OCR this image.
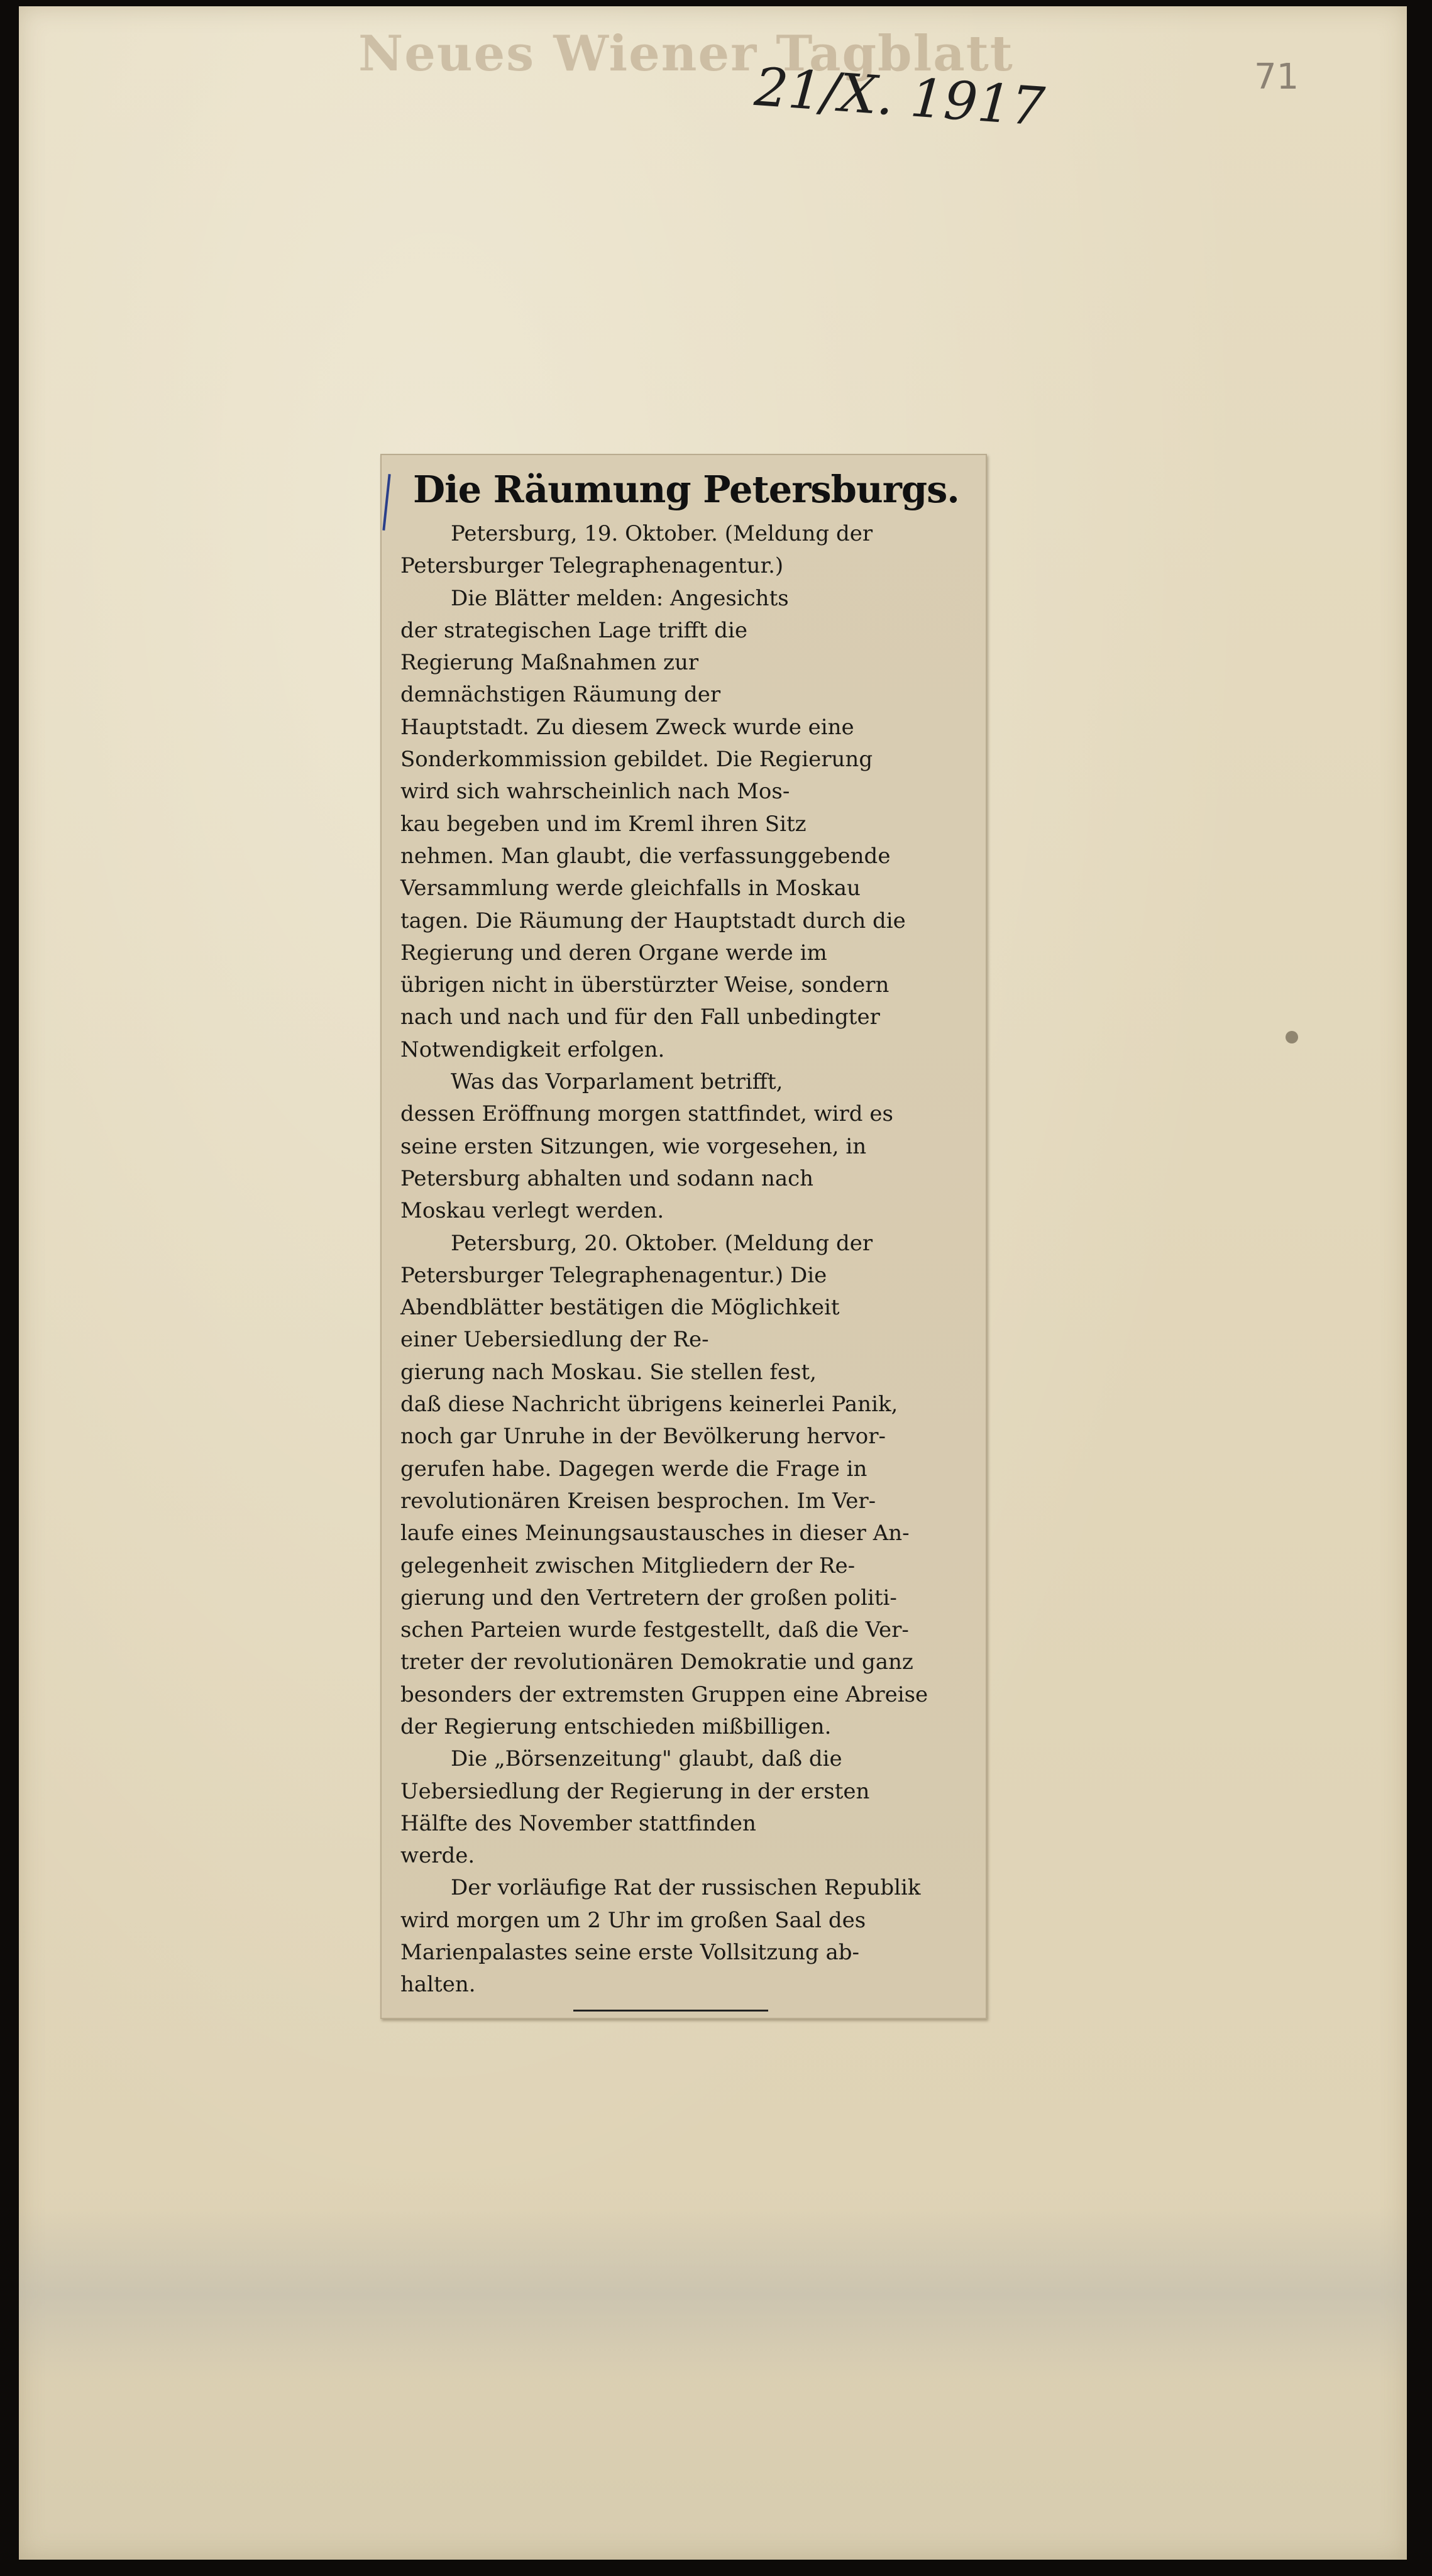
Neues Wiener Tagblatt
21/X. 1917	71
Die Räumung Petersburgs.
Petersburg, 19. Oktober. (Meldung der
Petersburger Telegraphenagentur.)
Die Blätter melden: Angesichts
der strategischen Lage trifft die
Regierung Maßnahmen zur
demnächstigen Räumung der
Hauptstadt. Zu diesem Zweck wurde eine
Sonderkommission gebildet. Die Regierung
wird sich wahrscheinlich nach Mos-
kau begeben und im Kreml ihren Sitz
nehmen. Man glaubt, die verfassunggebende
Versammlung werde gleichfalls in Moskau
tagen. Die Räumung der Hauptstadt durch die
Regierung und deren Organe werde im
übrigen nicht in überstürzter Weise, sondern
nach und nach und für den Fall unbedingter
Notwendigkeit erfolgen.
Was das Vorparlament betrifft,
dessen Eröffnung morgen stattfindet, wird es
seine ersten Sitzungen, wie vorgesehen, in
Petersburg abhalten und sodann nach
Moskau verlegt werden.
Petersburg, 20. Oktober. (Meldung der
Petersburger Telegraphenagentur.) Die
Abendblätter bestätigen die Möglichkeit
einer Uebersiedlung der Re-
gierung nach Moskau. Sie stellen fest,
daß diese Nachricht übrigens keinerlei Panik,
noch gar Unruhe in der Bevölkerung hervor-
gerufen habe. Dagegen werde die Frage in
revolutionären Kreisen besprochen. Im Ver-
laufe eines Meinungsaustausches in dieser An-
gelegenheit zwischen Mitgliedern der Re-
gierung und den Vertretern der großen politi-
schen Parteien wurde festgestellt, daß die Ver-
treter der revolutionären Demokratie und ganz
besonders der extremsten Gruppen eine Abreise
der Regierung entschieden mißbilligen.
Die „Börsenzeitung" glaubt, daß die
Uebersiedlung der Regierung in der ersten
Hälfte des November stattfinden
werde.
Der vorläufige Rat der russischen Republik
wird morgen um 2 Uhr im großen Saal des
Marienpalastes seine erste Vollsitzung ab-
halten.
